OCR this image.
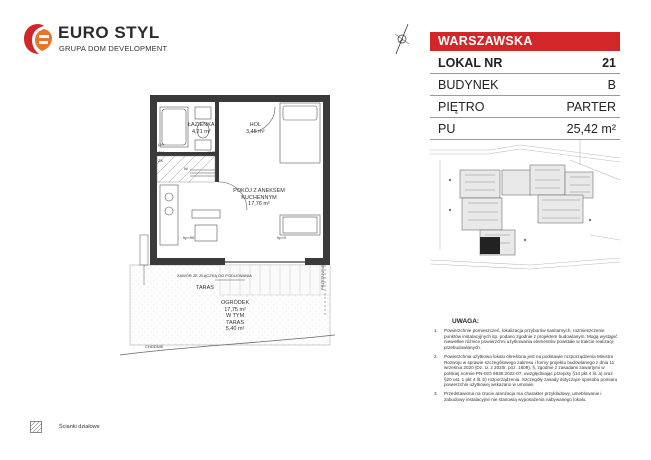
EURO STYL
GRUPA DOM DEVELOPMENT
WARSZAWSKA
LOKAL NR	21
BUDYNEK	B
PIĘTRO	PARTER
PU	25,42 m²
ŁAZIENKA
4,21 m²
HOL
3,45 m²
POKÓJ Z ANEKSEM KUCHENNYM
17,76 m²
TARAS
ZAWÓR ZE ZŁĄCZKĄ DO PODLEWANIA
OGRÓDEK
17,75 m²
W TYM
TARAS
5,40 m²
CHODNIK
PRZESUWNE
hp=90	hp=0
W
LM
ZM
ZK
HWP
UWAGA:
1. Powierzchnie pomieszczeń, lokalizacja przyborów sanitarnych, rozmieszczenie punktów instalacyjnych itp. podano zgodnie z projektem budowlanym. Mogą wystąpić niewielkie różnice powierzchni użytkowania elementów powstałe w trakcie realizacji przebudowlanych.
2. Powierzchnia użytkowa lokalu określona jest na podstawie rozporządzenia Ministra Rozwoju w sprawie szczegółowego zakresu i formy projektu budowlanego z dnia 11 września 2020 (Dz. U. z 2020r. poz. 1609), §, zgodnie z zasadami zawartymi w polskiej normie PN-ISO 9836:2022-07, uwzględniając przepisy §14 pkt 4 lit. a) oraz §20 ust. 1 pkt 4 lit. b) rozporządzenia. Szczegóły zasady dotyczące sposobu pomiaru powierzchni użytkowej wskazano w umowie.
3. Przedstawiona na rzucie aranżacja ma charakter przykładowy, umeblowanie i zabudowy instalacyjne nie stanowią wyposażenia nabywanego lokalu.
Ścianki działowe
